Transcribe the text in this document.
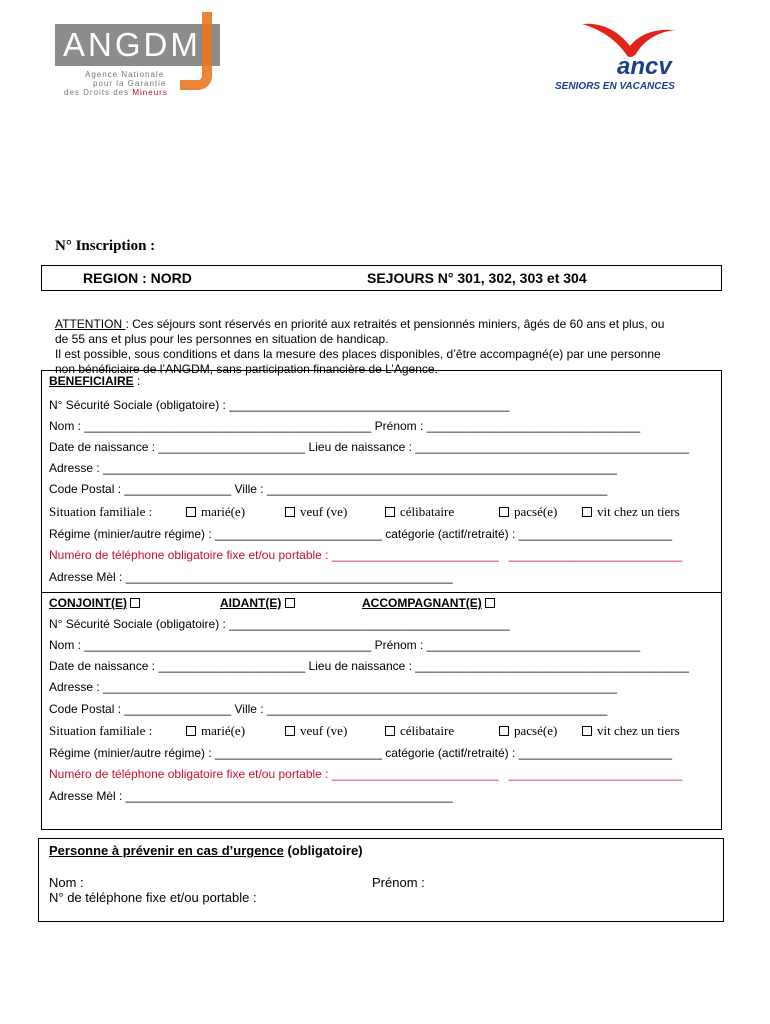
ANGDM
Agence Nationale
pour la Garantie
des Droits des Mineurs
ancv
SENIORS EN VACANCES
N° Inscription :
REGION : NORD	SEJOURS N° 301, 302, 303 et 304

ATTENTION : Ces séjours sont réservés en priorité aux retraités et pensionnés miniers, âgés de 60 ans et plus, ou
de 55 ans et plus pour les personnes en situation de handicap.
Il est possible, sous conditions et dans la mesure des places disponibles, d’être accompagné(e) par une personne
non bénéficiaire de l’ANGDM, sans participation financière de L’Agence.
BENEFICIAIRE :
N° Sécurité Sociale (obligatoire) : __________________________________________
Nom : ___________________________________________ Prénom : ________________________________
Date de naissance : ______________________ Lieu de naissance : _________________________________________
Adresse : _____________________________________________________________________________
Code Postal : ________________ Ville : ___________________________________________________
Situation familiale :	marié(e)	veuf (ve)	célibataire	pacsé(e)	vit chez un tiers
Régime (minier/autre régime) : _________________________ catégorie (actif/retraité) : _______________________
Numéro de téléphone obligatoire fixe et/ou portable : _________________________   __________________________
Adresse Mèl : _________________________________________________
CONJOINT(E)	AIDANT(E)	ACCOMPAGNANT(E)
N° Sécurité Sociale (obligatoire) : __________________________________________
Nom : ___________________________________________ Prénom : ________________________________
Date de naissance : ______________________ Lieu de naissance : _________________________________________
Adresse : _____________________________________________________________________________
Code Postal : ________________ Ville : ___________________________________________________
Situation familiale :	marié(e)	veuf (ve)	célibataire	pacsé(e)	vit chez un tiers
Régime (minier/autre régime) : _________________________ catégorie (actif/retraité) : _______________________
Numéro de téléphone obligatoire fixe et/ou portable : _________________________   __________________________
Adresse Mèl : _________________________________________________
Personne à prévenir en cas d’urgence (obligatoire)
Nom :	Prénom :
N° de téléphone fixe et/ou portable :
